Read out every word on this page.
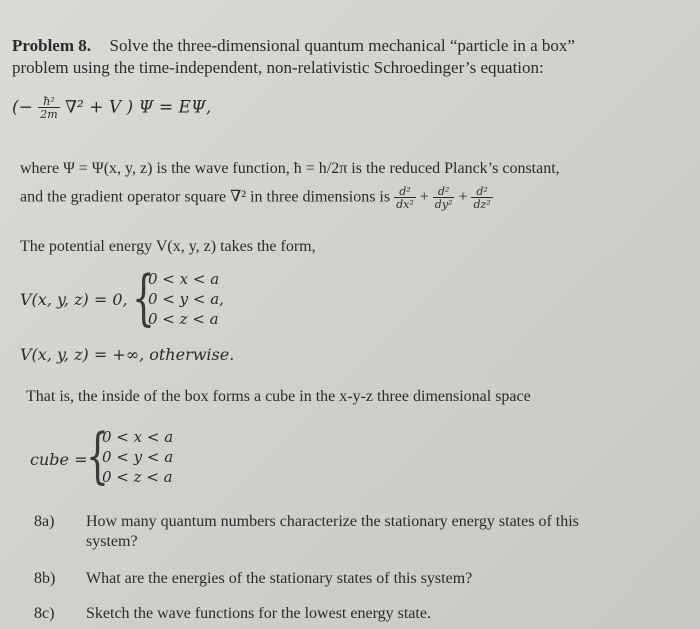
Problem 8. Solve the three-dimensional quantum mechanical “particle in a box”
problem using the time-independent, non-relativistic Schroedinger’s equation:
(− $\frac{\text{ħ²}}{2m} \nabla^2 + V$ ) Ψ = EΨ,
where Ψ = Ψ(x, y, z) is the wave function, ħ = h/2π is the reduced Planck’s constant,
and the gradient operator square ∇² in three dimensions is $\frac{\text{d²}}{\text{dx²}} + \frac{\text{d²}}{\text{dy²}} + \frac{\text{d²}}{\text{dz²}}$
The potential energy V(x, y, z) takes the form,
V(x, y, z) = 0, {
0 < x < a
0 < y < a,
0 < z < a
V(x, y, z) = +∞, otherwise.
That is, the inside of the box forms a cube in the x-y-z three dimensional space
cube =
{
0 < x < a
0 < y < a
0 < z < a
8a) How many quantum numbers characterize the stationary energy states of this
system?
8b) What are the energies of the stationary states of this system?
8c) Sketch the wave functions for the lowest energy state.
